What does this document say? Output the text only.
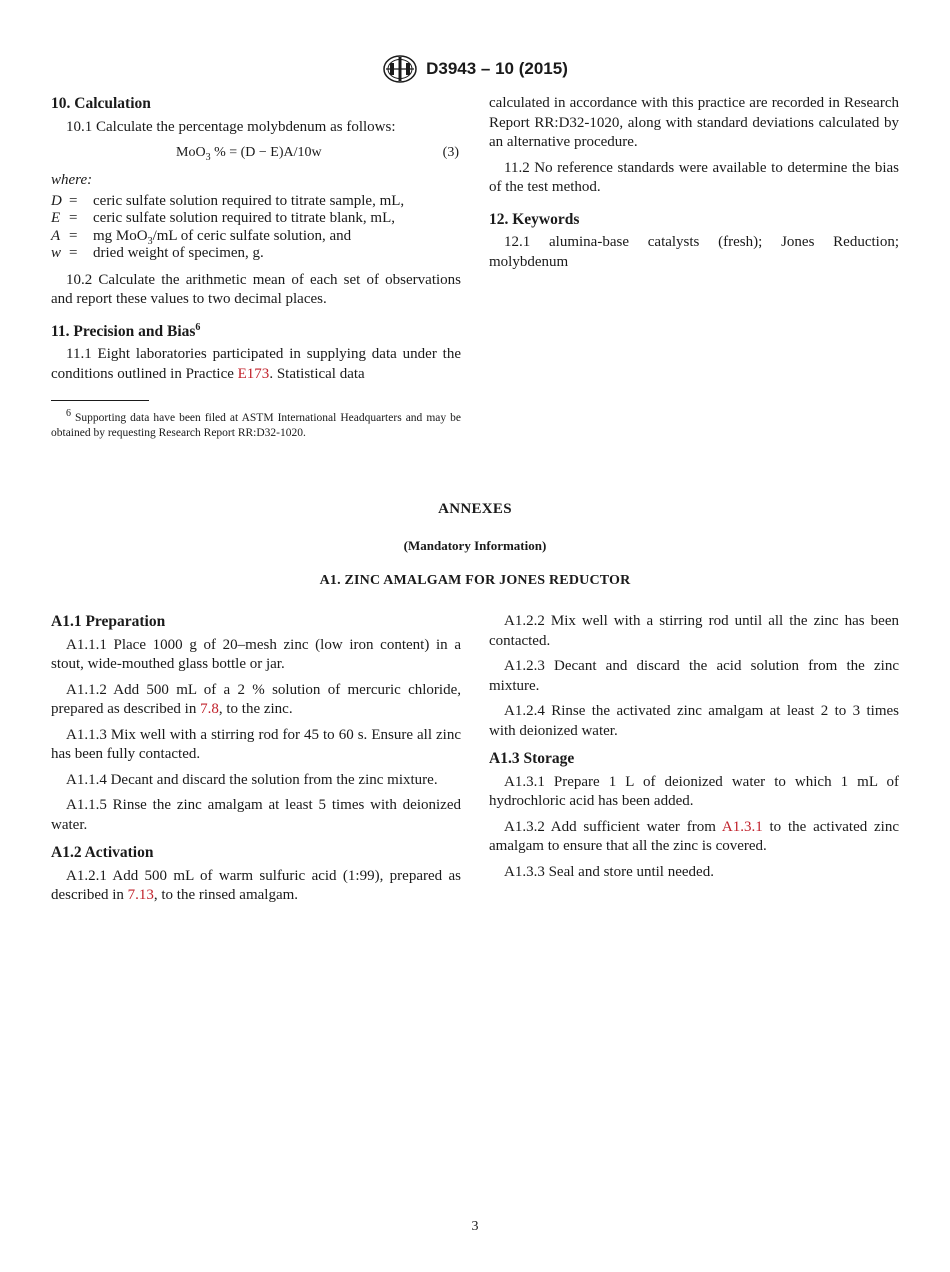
D3943 – 10 (2015)
10. Calculation

10.1 Calculate the percentage molybdenum as follows:

MoO$_3$ % = (D − E)A/10w	(3)
where:
D =	ceric sulfate solution required to titrate sample, mL,
E =	ceric sulfate solution required to titrate blank, mL,
A =	mg MoO$_3$/mL of ceric sulfate solution, and
w =	dried weight of specimen, g.

10.2 Calculate the arithmetic mean of each set of observations and report these values to two decimal places.

11. Precision and Bias$^6$

11.1 Eight laboratories participated in supplying data under the conditions outlined in Practice E173. Statistical data

$^6$ Supporting data have been filed at ASTM International Headquarters and may be obtained by requesting Research Report RR:D32-1020.

calculated in accordance with this practice are recorded in Research Report RR:D32-1020, along with standard deviations calculated by an alternative procedure.

11.2 No reference standards were available to determine the bias of the test method.

12. Keywords

12.1 alumina-base catalysts (fresh); Jones Reduction; molybdenum

ANNEXES
(Mandatory Information)
A1. ZINC AMALGAM FOR JONES REDUCTOR
A1.1 Preparation

A1.1.1 Place 1000 g of 20–mesh zinc (low iron content) in a stout, wide-mouthed glass bottle or jar.

A1.1.2 Add 500 mL of a 2 % solution of mercuric chloride, prepared as described in 7.8, to the zinc.

A1.1.3 Mix well with a stirring rod for 45 to 60 s. Ensure all zinc has been fully contacted.

A1.1.4 Decant and discard the solution from the zinc mixture.

A1.1.5 Rinse the zinc amalgam at least 5 times with deionized water.

A1.2 Activation

A1.2.1 Add 500 mL of warm sulfuric acid (1:99), prepared as described in 7.13, to the rinsed amalgam.

A1.2.2 Mix well with a stirring rod until all the zinc has been contacted.

A1.2.3 Decant and discard the acid solution from the zinc mixture.

A1.2.4 Rinse the activated zinc amalgam at least 2 to 3 times with deionized water.

A1.3 Storage

A1.3.1 Prepare 1 L of deionized water to which 1 mL of hydrochloric acid has been added.

A1.3.2 Add sufficient water from A1.3.1 to the activated zinc amalgam to ensure that all the zinc is covered.

A1.3.3 Seal and store until needed.

3
